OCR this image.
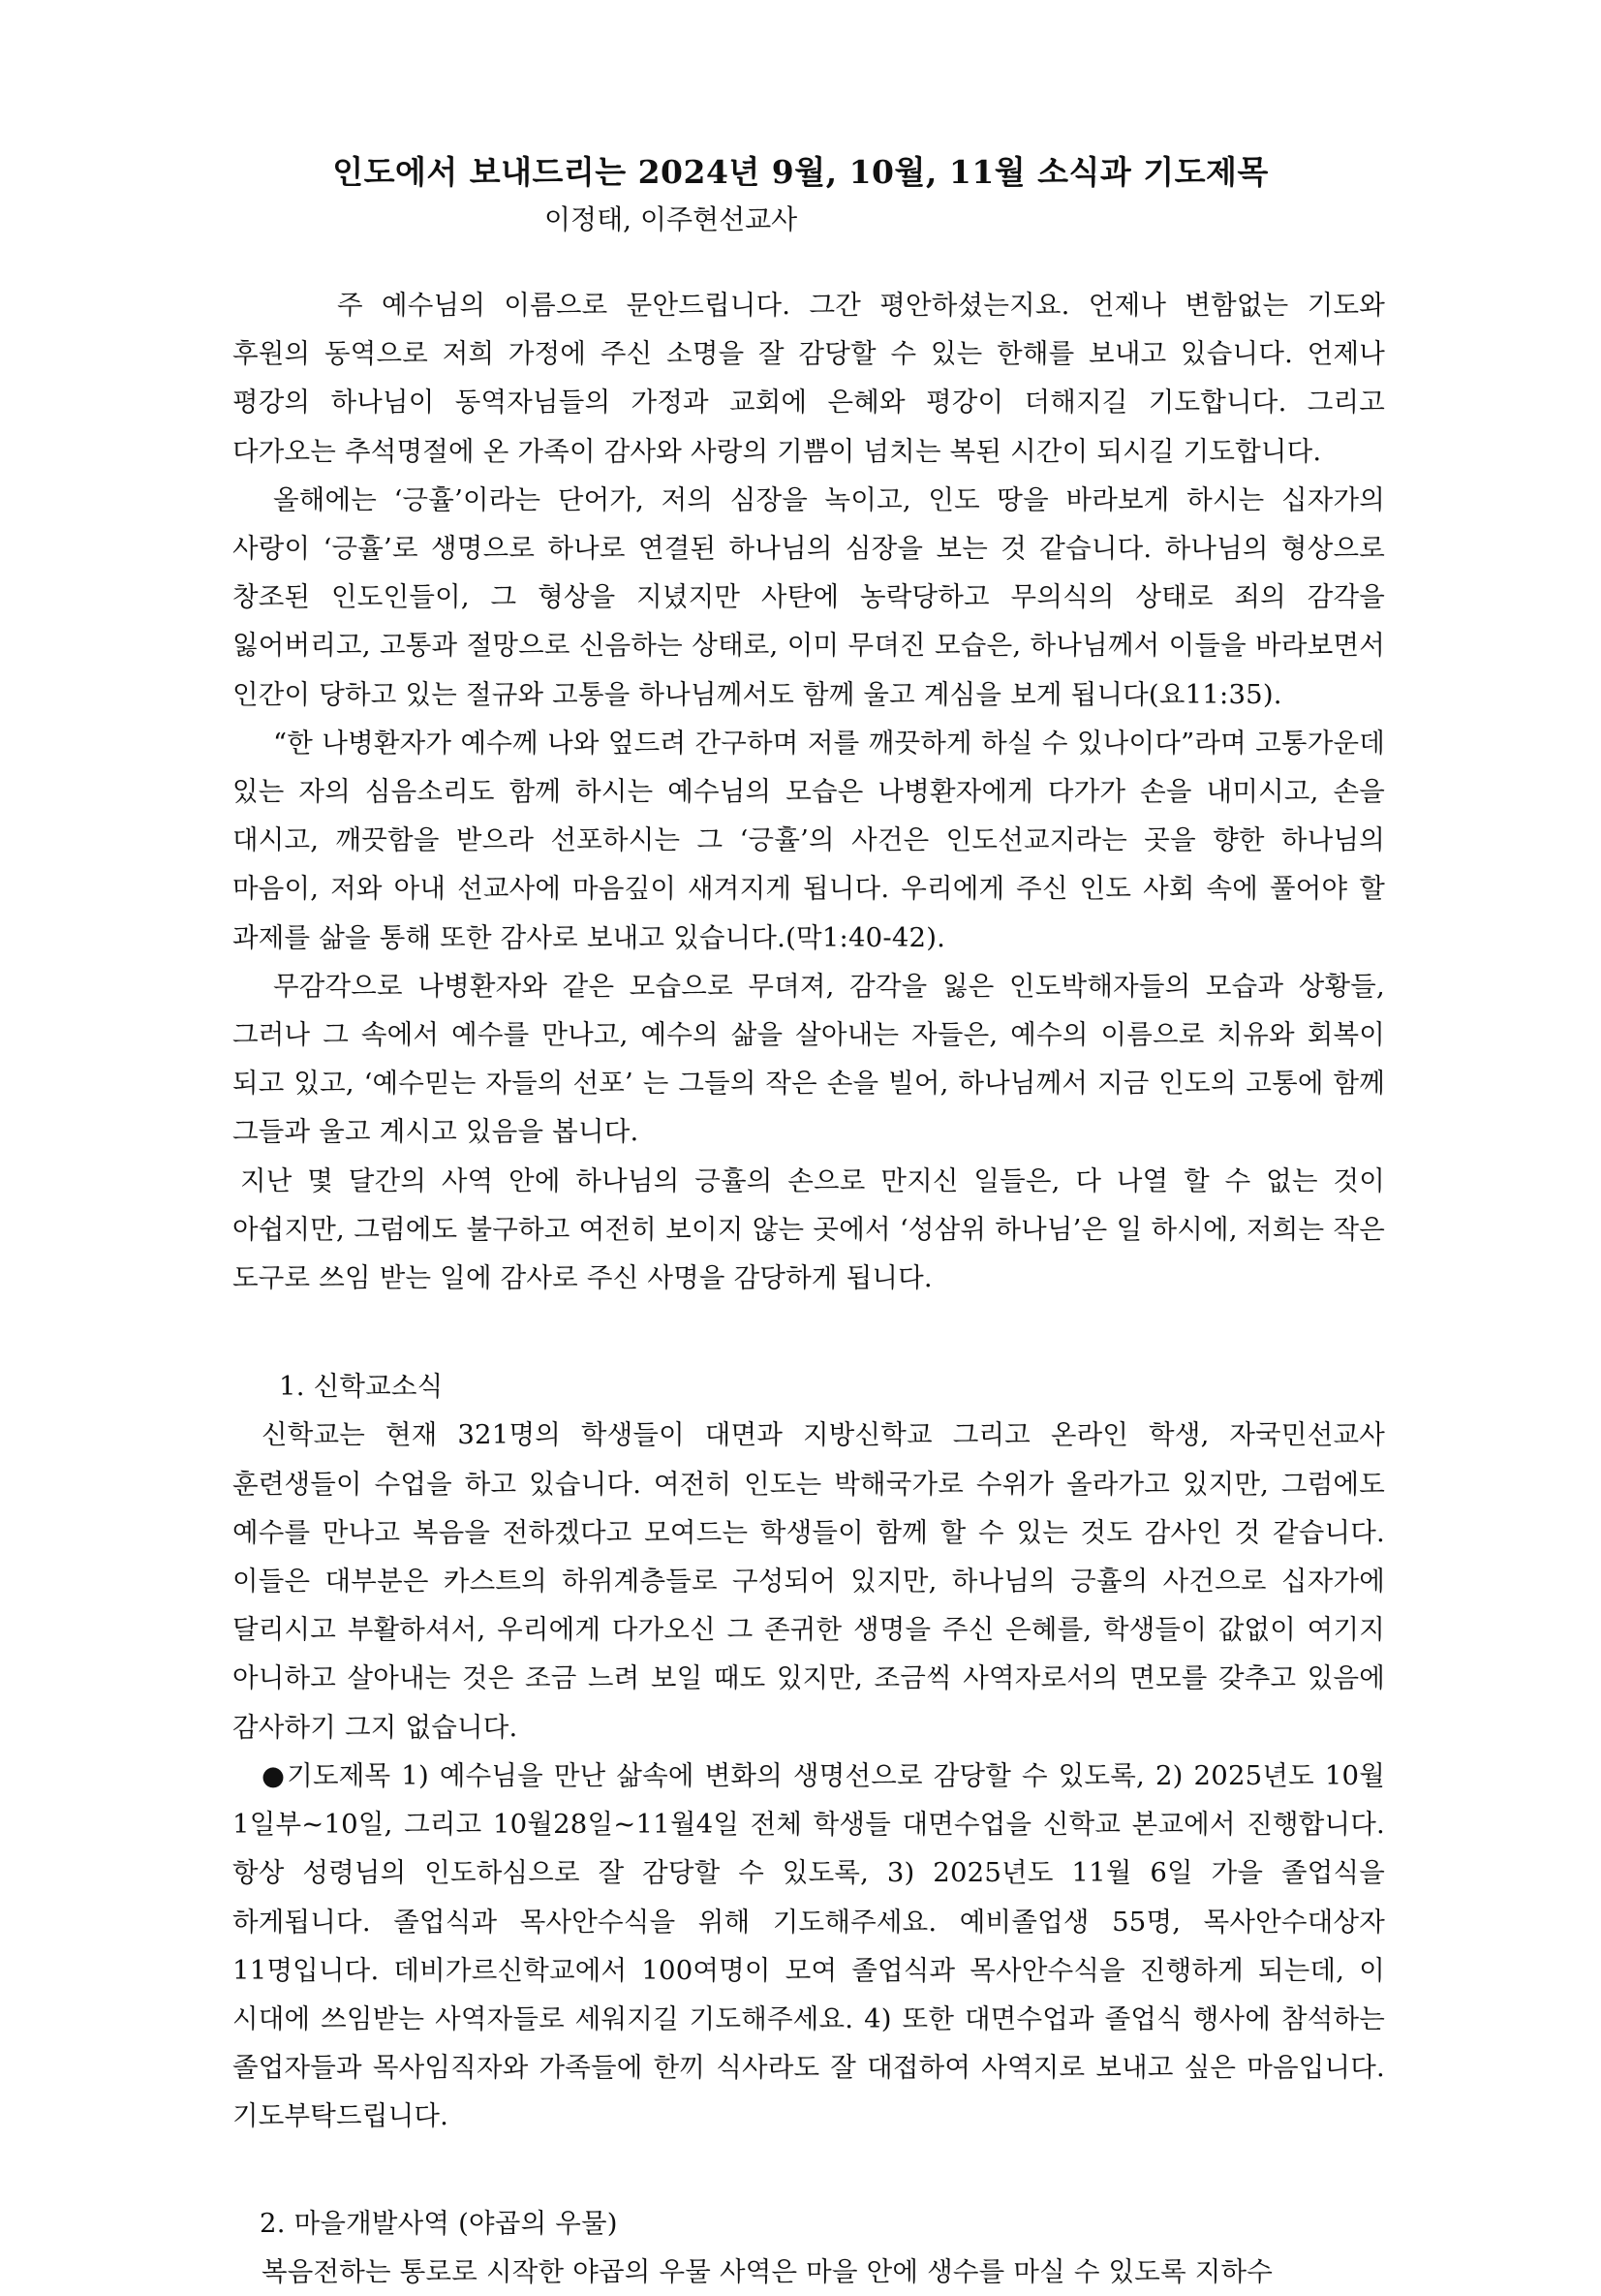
인도에서 보내드리는 2024년 9월, 10월, 11월 소식과 기도제목
이정태, 이주현선교사

주 예수님의 이름으로 문안드립니다. 그간 평안하셨는지요. 언제나 변함없는 기도와 후원의 동역으로 저희 가정에 주신 소명을 잘 감당할 수 있는 한해를 보내고 있습니다. 언제나 평강의 하나님이 동역자님들의 가정과 교회에 은혜와 평강이 더해지길 기도합니다. 그리고 다가오는 추석명절에 온 가족이 감사와 사랑의 기쁨이 넘치는 복된 시간이 되시길 기도합니다.

올해에는 ‘긍휼’이라는 단어가, 저의 심장을 녹이고, 인도 땅을 바라보게 하시는 십자가의 사랑이 ‘긍휼’로 생명으로 하나로 연결된 하나님의 심장을 보는 것 같습니다. 하나님의 형상으로 창조된 인도인들이, 그 형상을 지녔지만 사탄에 농락당하고 무의식의 상태로 죄의 감각을 잃어버리고, 고통과 절망으로 신음하는 상태로, 이미 무뎌진 모습은, 하나님께서 이들을 바라보면서 인간이 당하고 있는 절규와 고통을 하나님께서도 함께 울고 계심을 보게 됩니다(요11:35).

“한 나병환자가 예수께 나와 엎드려 간구하며 저를 깨끗하게 하실 수 있나이다”라며 고통가운데 있는 자의 심음소리도 함께 하시는 예수님의 모습은 나병환자에게 다가가 손을 내미시고, 손을 대시고, 깨끗함을 받으라 선포하시는 그 ‘긍휼’의 사건은 인도선교지라는 곳을 향한 하나님의 마음이, 저와 아내 선교사에 마음깊이 새겨지게 됩니다. 우리에게 주신 인도 사회 속에 풀어야 할 과제를 삶을 통해 또한 감사로 보내고 있습니다.(막1:40-42).

무감각으로 나병환자와 같은 모습으로 무뎌져, 감각을 잃은 인도박해자들의 모습과 상황들, 그러나 그 속에서 예수를 만나고, 예수의 삶을 살아내는 자들은, 예수의 이름으로 치유와 회복이 되고 있고, ‘예수믿는 자들의 선포’ 는 그들의 작은 손을 빌어, 하나님께서 지금 인도의 고통에 함께 그들과 울고 계시고 있음을 봅니다.

지난 몇 달간의 사역 안에 하나님의 긍휼의 손으로 만지신 일들은, 다 나열 할 수 없는 것이 아쉽지만, 그럼에도 불구하고 여전히 보이지 않는 곳에서 ‘성삼위 하나님’은 일 하시에, 저희는 작은 도구로 쓰임 받는 일에 감사로 주신 사명을 감당하게 됩니다.

1. 신학교소식

신학교는 현재 321명의 학생들이 대면과 지방신학교 그리고 온라인 학생, 자국민선교사 훈련생들이 수업을 하고 있습니다. 여전히 인도는 박해국가로 수위가 올라가고 있지만, 그럼에도 예수를 만나고 복음을 전하겠다고 모여드는 학생들이 함께 할 수 있는 것도 감사인 것 같습니다. 이들은 대부분은 카스트의 하위계층들로 구성되어 있지만, 하나님의 긍휼의 사건으로 십자가에 달리시고 부활하셔서, 우리에게 다가오신 그 존귀한 생명을 주신 은혜를, 학생들이 값없이 여기지 아니하고 살아내는 것은 조금 느려 보일 때도 있지만, 조금씩 사역자로서의 면모를 갖추고 있음에 감사하기 그지 없습니다.

●기도제목 1) 예수님을 만난 삶속에 변화의 생명선으로 감당할 수 있도록, 2) 2025년도 10월 1일부~10일, 그리고 10월28일~11월4일 전체 학생들 대면수업을 신학교 본교에서 진행합니다. 항상 성령님의 인도하심으로 잘 감당할 수 있도록, 3) 2025년도 11월 6일 가을 졸업식을 하게됩니다. 졸업식과 목사안수식을 위해 기도해주세요. 예비졸업생 55명, 목사안수대상자 11명입니다. 데비가르신학교에서 100여명이 모여 졸업식과 목사안수식을 진행하게 되는데, 이 시대에 쓰임받는 사역자들로 세워지길 기도해주세요. 4) 또한 대면수업과 졸업식 행사에 참석하는 졸업자들과 목사임직자와 가족들에 한끼 식사라도 잘 대접하여 사역지로 보내고 싶은 마음입니다. 기도부탁드립니다.

2. 마을개발사역 (야곱의 우물)

복음전하는 통로로 시작한 야곱의 우물 사역은 마을 안에 생수를 마실 수 있도록 지하수
